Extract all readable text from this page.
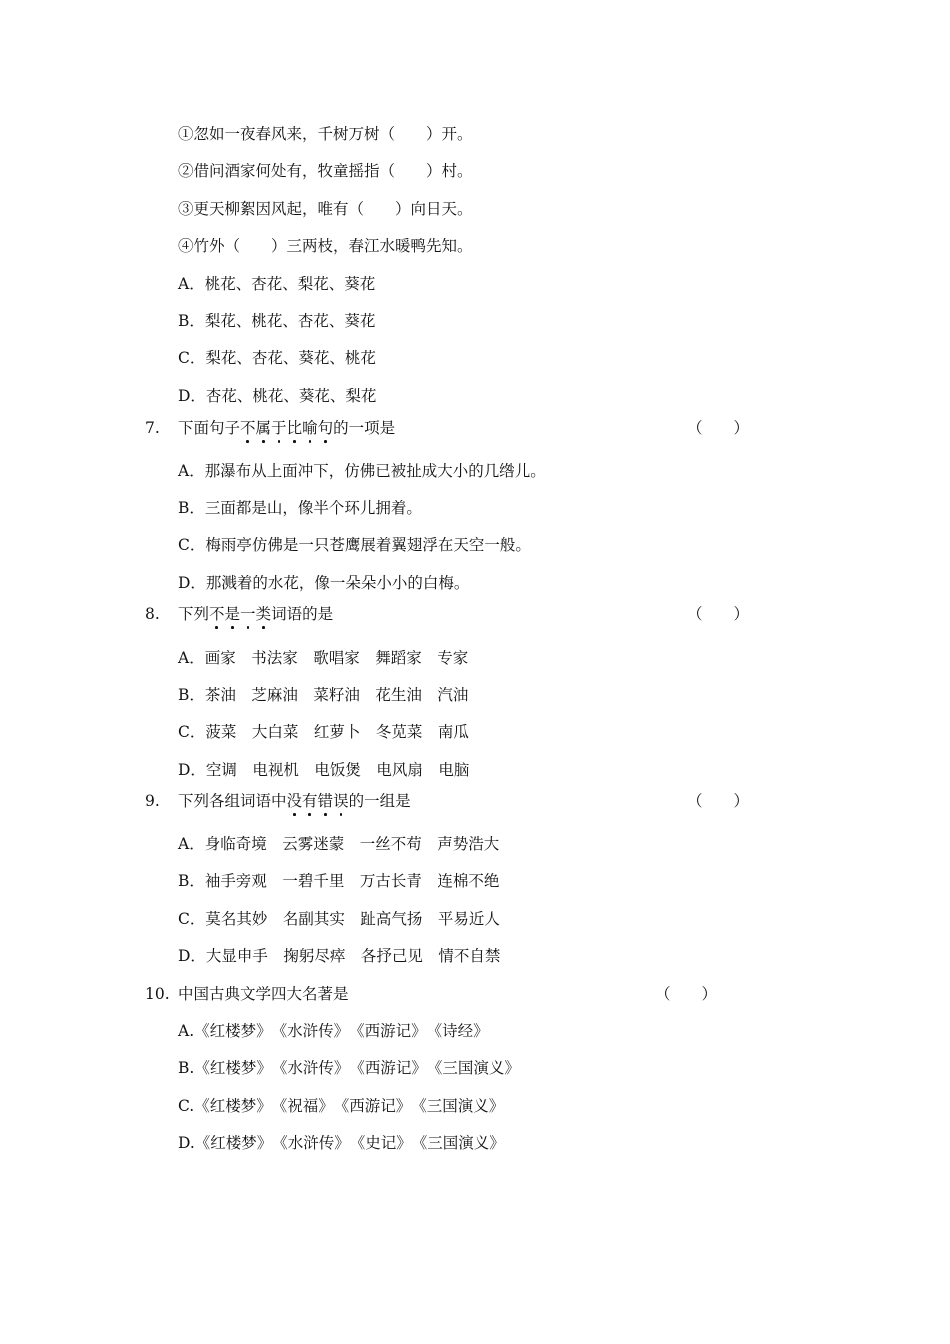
①忽如一夜春风来，千树万树（　　）开。
②借问酒家何处有，牧童摇指（　　）村。
③更天柳絮因风起，唯有（　　）向日天。
④竹外（　　）三两枝，春江水暖鸭先知。
A．桃花、杏花、梨花、葵花
B．梨花、桃花、杏花、葵花
C．梨花、杏花、葵花、桃花
D．杏花、桃花、葵花、梨花
7. 下面句子不属于比喻句的一项是	（　　）
A．那瀑布从上面冲下，仿佛已被扯成大小的几绺儿。
B．三面都是山，像半个环儿拥着。
C．梅雨亭仿佛是一只苍鹰展着翼翅浮在天空一般。
D．那溅着的水花，像一朵朵小小的白梅。
8. 下列不是一类词语的是	（　　）
A．画家　书法家　歌唱家　舞蹈家　专家
B．茶油　芝麻油　菜籽油　花生油　汽油
C．菠菜　大白菜　红萝卜　冬苋菜　南瓜
D．空调　电视机　电饭煲　电风扇　电脑
9. 下列各组词语中没有错误的一组是	（　　）
A．身临奇境　云雾迷蒙　一丝不苟　声势浩大
B．袖手旁观　一碧千里　万古长青　连棉不绝
C．莫名其妙　名副其实　趾高气扬　平易近人
D．大显申手　掬躬尽瘁　各抒己见　情不自禁
10. 中国古典文学四大名著是	（　　）
A.《红楼梦》　《水浒传》　《西游记》　《诗经》
B.《红楼梦》　《水浒传》　《西游记》　《三国演义》
C.《红楼梦》　《祝福》　《西游记》　《三国演义》
D.《红楼梦》　《水浒传》　《史记》　《三国演义》
